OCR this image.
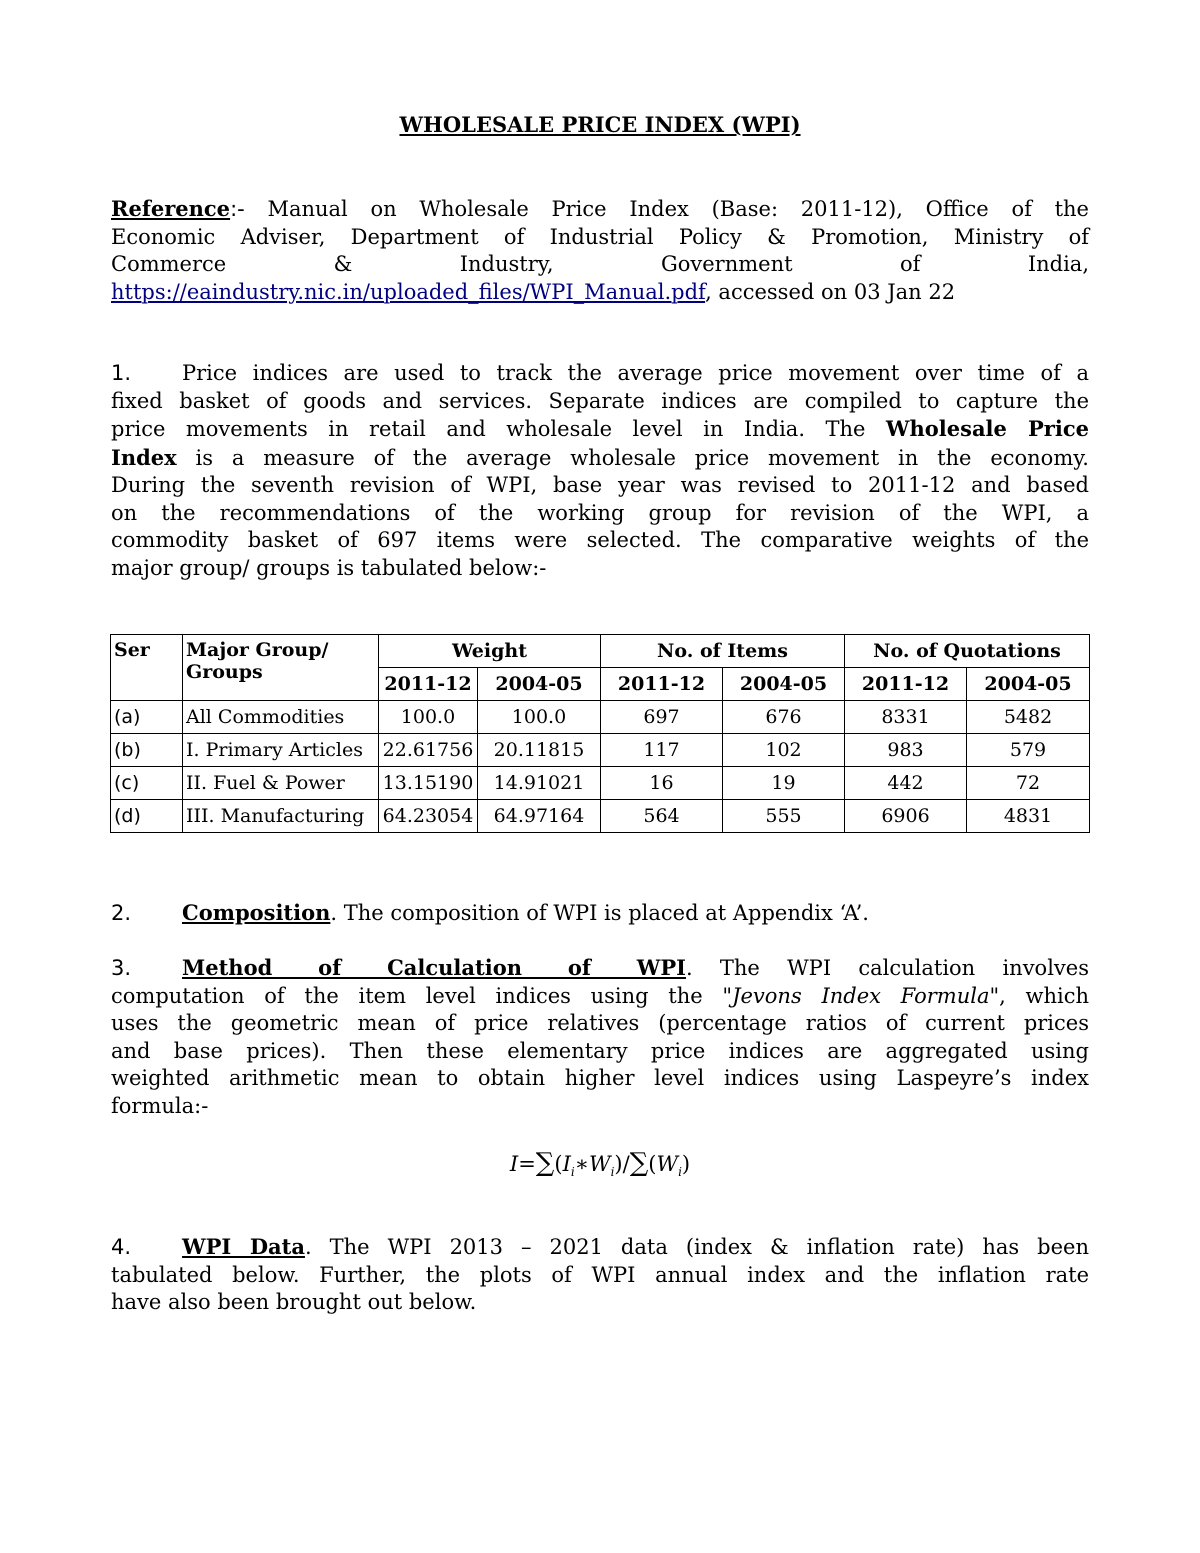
WHOLESALE PRICE INDEX (WPI)
Reference:- Manual on Wholesale Price Index (Base: 2011-12), Office of the
Economic Adviser, Department of Industrial Policy & Promotion, Ministry of
Commerce & Industry, Government of India,
https://eaindustry.nic.in/uploaded_files/WPI_Manual.pdf, accessed on 03 Jan 22
1. Price indices are used to track the average price movement over time of a
fixed basket of goods and services. Separate indices are compiled to capture the
price movements in retail and wholesale level in India. The Wholesale Price
Index is a measure of the average wholesale price movement in the economy.
During the seventh revision of WPI, base year was revised to 2011-12 and based
on the recommendations of the working group for revision of the WPI, a
commodity basket of 697 items were selected. The comparative weights of the
major group/ groups is tabulated below:-
Ser	Major Group/ Groups	Weight		No. of Items		No. of Quotations	
		2011-12	2004-05	2011-12	2004-05	2011-12	2004-05
(a)	All Commodities	100.0	100.0	697	676	8331	5482
(b)	I. Primary Articles	22.61756	20.11815	117	102	983	579
(c)	II. Fuel & Power	13.15190	14.91021	16	19	442	72
(d)	III. Manufacturing	64.23054	64.97164	564	555	6906	4831
2. Composition. The composition of WPI is placed at Appendix ‘A’.
3. Method of Calculation of WPI. The WPI calculation involves
computation of the item level indices using the "Jevons Index Formula", which
uses the geometric mean of price relatives (percentage ratios of current prices
and base prices). Then these elementary price indices are aggregated using
weighted arithmetic mean to obtain higher level indices using Laspeyre’s index
formula:-
$I=\sum(I_i∗W_i)/\sum(W_i)$
4. WPI Data. The WPI 2013 – 2021 data (index & inflation rate) has been
tabulated below. Further, the plots of WPI annual index and the inflation rate
have also been brought out below.
